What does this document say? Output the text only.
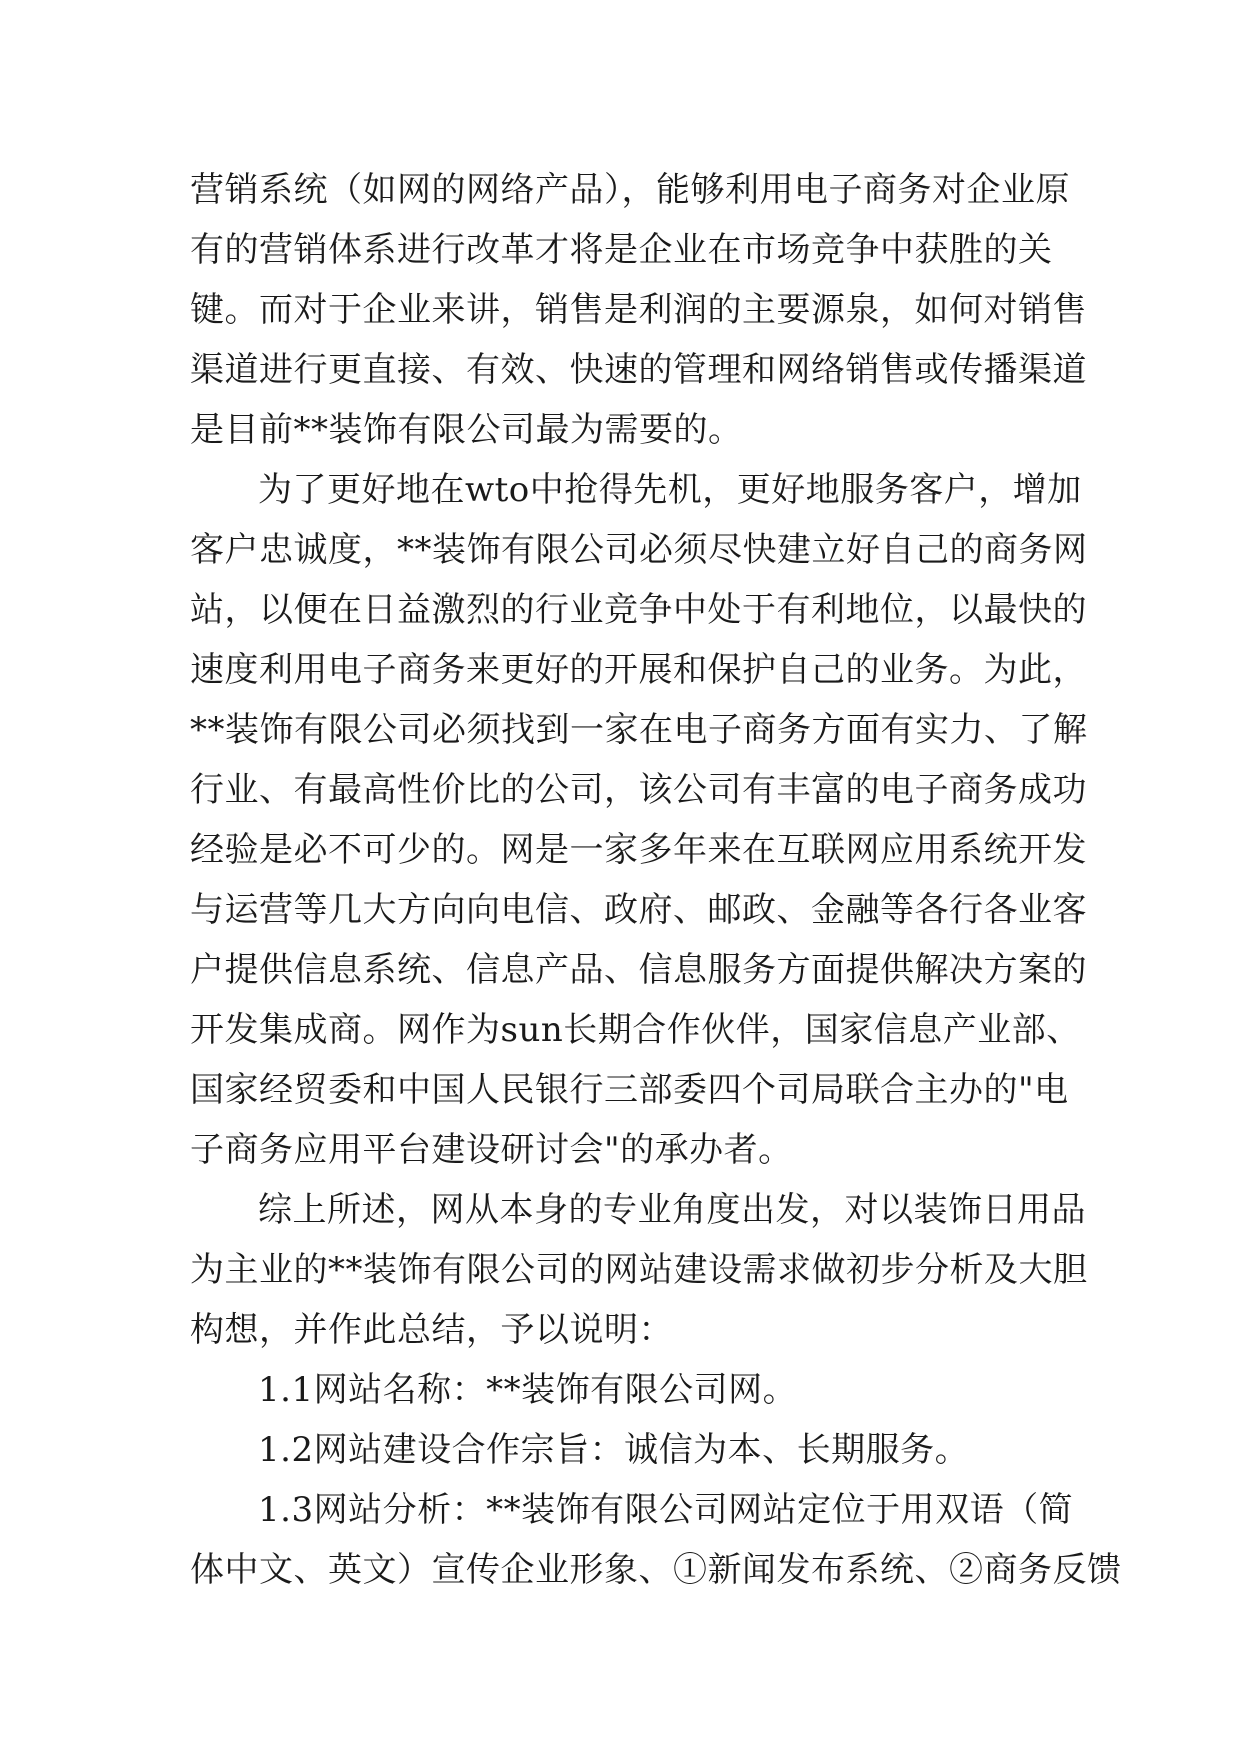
营销系统（如网的网络产品），能够利用电子商务对企业原
有的营销体系进行改革才将是企业在市场竞争中获胜的关
键。而对于企业来讲，销售是利润的主要源泉，如何对销售
渠道进行更直接、有效、快速的管理和网络销售或传播渠道
是目前**装饰有限公司最为需要的。
为了更好地在wto中抢得先机，更好地服务客户，增加
客户忠诚度，**装饰有限公司必须尽快建立好自己的商务网
站，以便在日益激烈的行业竞争中处于有利地位，以最快的
速度利用电子商务来更好的开展和保护自己的业务。为此，
**装饰有限公司必须找到一家在电子商务方面有实力、了解
行业、有最高性价比的公司，该公司有丰富的电子商务成功
经验是必不可少的。网是一家多年来在互联网应用系统开发
与运营等几大方向向电信、政府、邮政、金融等各行各业客
户提供信息系统、信息产品、信息服务方面提供解决方案的
开发集成商。网作为sun长期合作伙伴，国家信息产业部、
国家经贸委和中国人民银行三部委四个司局联合主办的"电
子商务应用平台建设研讨会"的承办者。
综上所述，网从本身的专业角度出发，对以装饰日用品
为主业的**装饰有限公司的网站建设需求做初步分析及大胆
构想，并作此总结，予以说明：
1.1网站名称：**装饰有限公司网。
1.2网站建设合作宗旨：诚信为本、长期服务。
1.3网站分析：**装饰有限公司网站定位于用双语（简
体中文、英文）宣传企业形象、①新闻发布系统、②商务反馈
